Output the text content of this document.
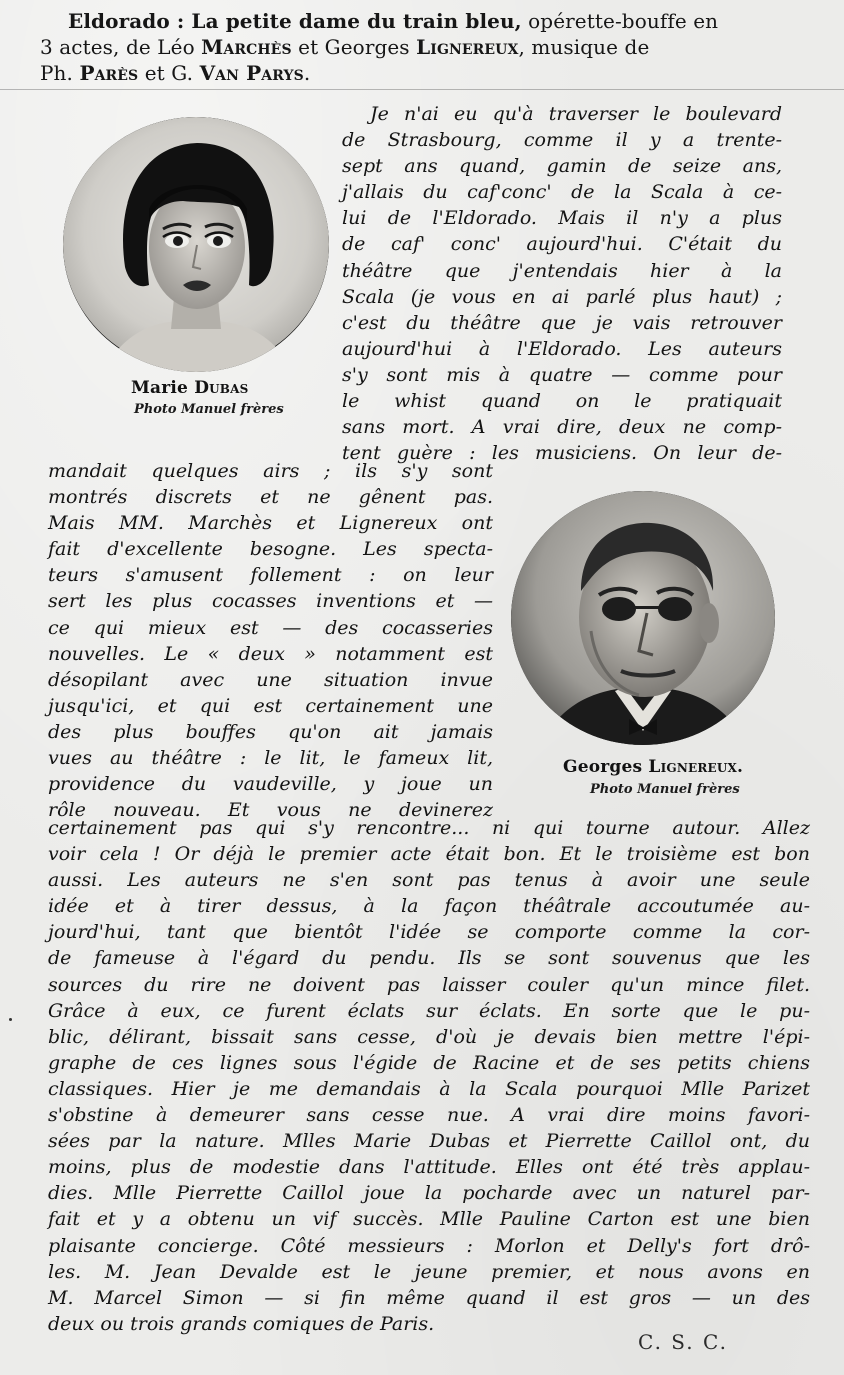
Eldorado : La petite dame du train bleu, opérette-bouffe en
3 actes, de Léo Marchès et Georges Lignereux, musique de
Ph. Parès et G. Van Parys.
Marie Dubas
Photo Manuel frères
Georges Lignereux.
Photo Manuel frères
Je n'ai eu qu'à traverser le boulevard
de Strasbourg, comme il y a trente-
sept ans quand, gamin de seize ans,
j'allais du caf'conc' de la Scala à ce-
lui de l'Eldorado. Mais il n'y a plus
de caf' conc' aujourd'hui. C'était du
théâtre que j'entendais hier à la
Scala (je vous en ai parlé plus haut) ;
c'est du théâtre que je vais retrouver
aujourd'hui à l'Eldorado. Les auteurs
s'y sont mis à quatre — comme pour
le whist quand on le pratiquait
sans mort. A vrai dire, deux ne comp-
tent guère : les musiciens. On leur de-
mandait quelques airs ; ils s'y sont
montrés discrets et ne gênent pas.
Mais MM. Marchès et Lignereux ont
fait d'excellente besogne. Les specta-
teurs s'amusent follement : on leur
sert les plus cocasses inventions et —
ce qui mieux est — des cocasseries
nouvelles. Le « deux » notamment est
désopilant avec une situation invue
jusqu'ici, et qui est certainement une
des plus bouffes qu'on ait jamais
vues au théâtre : le lit, le fameux lit,
providence du vaudeville, y joue un
rôle nouveau. Et vous ne devinerez
certainement pas qui s'y rencontre... ni qui tourne autour. Allez
voir cela ! Or déjà le premier acte était bon. Et le troisième est bon
aussi. Les auteurs ne s'en sont pas tenus à avoir une seule
idée et à tirer dessus, à la façon théâtrale accoutumée au-
jourd'hui, tant que bientôt l'idée se comporte comme la cor-
de fameuse à l'égard du pendu. Ils se sont souvenus que les
sources du rire ne doivent pas laisser couler qu'un mince filet.
Grâce à eux, ce furent éclats sur éclats. En sorte que le pu-
blic, délirant, bissait sans cesse, d'où je devais bien mettre l'épi-
graphe de ces lignes sous l'égide de Racine et de ses petits chiens
classiques. Hier je me demandais à la Scala pourquoi Mlle Parizet
s'obstine à demeurer sans cesse nue. A vrai dire moins favori-
sées par la nature. Mlles Marie Dubas et Pierrette Caillol ont, du
moins, plus de modestie dans l'attitude. Elles ont été très applau-
dies. Mlle Pierrette Caillol joue la pocharde avec un naturel par-
fait et y a obtenu un vif succès. Mlle Pauline Carton est une bien
plaisante concierge. Côté messieurs : Morlon et Delly's fort drô-
les. M. Jean Devalde est le jeune premier, et nous avons en
M. Marcel Simon — si fin même quand il est gros — un des
deux ou trois grands comiques de Paris.
C. S. C.
